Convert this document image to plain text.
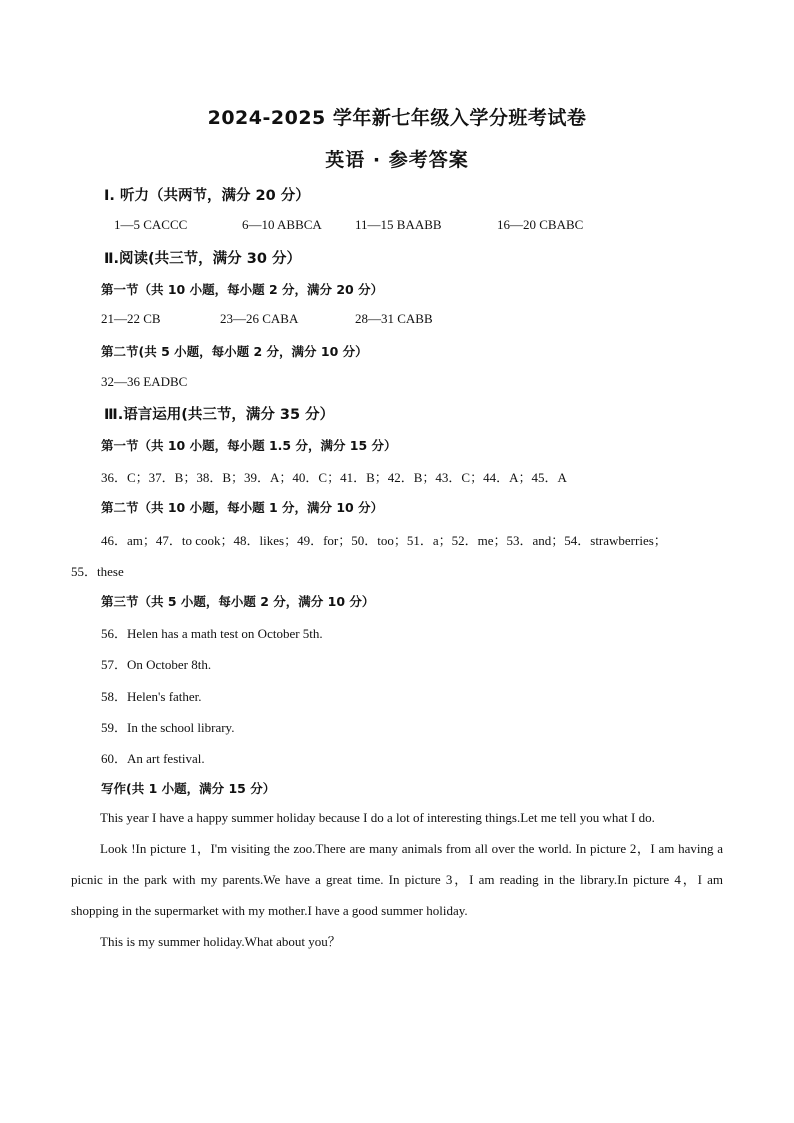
2024-2025 学年新七年级入学分班考试卷
英语 · 参考答案
Ⅰ. 听力（共两节，满分 20 分）
1—5 CACCC	6—10 ABBCA	11—15 BAABB	16—20 CBABC
Ⅱ.阅读(共三节，满分 30 分）
第一节（共 10 小题，每小题 2 分，满分 20 分）
21—22 CB	23—26 CABA	28—31 CABB
第二节(共 5 小题，每小题 2 分，满分 10 分）
32—36 EADBC
Ⅲ.语言运用(共三节，满分 35 分）
第一节（共 10 小题，每小题 1.5 分，满分 15 分）
36．C；37．B；38．B；39．A；40．C；41．B；42．B；43．C；44．A；45．A
第二节（共 10 小题，每小题 1 分，满分 10 分）
46．am；47．to cook；48．likes；49．for；50．too；51．a；52．me；53．and；54．strawberries；
55．these
第三节（共 5 小题，每小题 2 分，满分 10 分）
56．Helen has a math test on October 5th.
57．On October 8th.
58．Helen's father.
59．In the school library.
60．An art festival.
写作(共 1 小题，满分 15 分）
This year I have a happy summer holiday because I do a lot of interesting things.Let me tell you what I do.
Look !In picture 1，I'm visiting the zoo.There are many animals from all over the world. In picture 2，I am having a picnic in the park with my parents.We have a great time. In picture 3，I am reading in the library.In picture 4，I am shopping in the supermarket with my mother.I have a good summer holiday.
This is my summer holiday.What about you？
